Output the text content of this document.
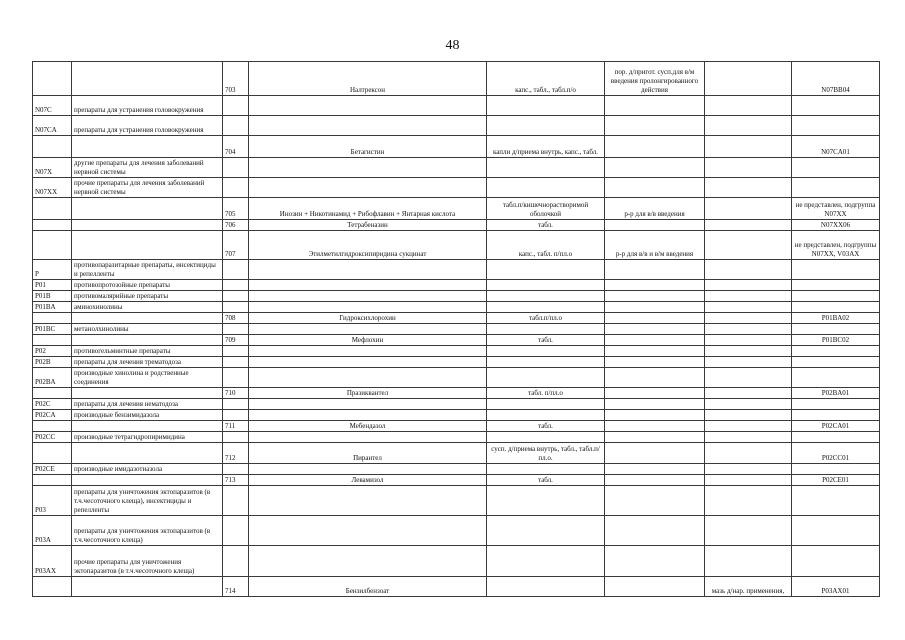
48
		703	Налтрексон	капс., табл., табл.п/о	пор. д/пригот. сусп.для в/м введения пролонгированного действия		N07BB04
N07C	препараты для устранения головокружения						
N07CA	препараты для устранения головокружения						
		704	Бетагистин	капли д/приема внутрь, капс., табл.			N07CA01
N07X	другие препараты для лечения заболеваний нервной системы						
N07XX	прочие препараты для лечения заболеваний нервной системы						
		705	Инозин + Никотинамид + Рибофлавин + Янтарная кислота	табл.п/кишечнорастворимой оболочкой	р-р для в/в введения		не представлен, подгруппа N07XX
		706	Тетрабеназин	табл.			N07XX06
		707	Этилметилгидроксипиридина сукцинат	капс., табл. п/пл.о	р-р для в/в и в/м введения		не представлен, подгруппы N07XX, V03AX
P	противопаразитарные препараты, инсектициды и репелленты						
P01	противопротозойные препараты						
P01B	противомалярийные препараты						
P01BA	аминохинолины						
		708	Гидроксихлорохин	табл.п/пл.о			P01BA02
P01BC	метанолхинолины						
		709	Мефлохин	табл.			P01BC02
P02	противогельминтные препараты						
P02B	препараты для лечения трематодоза						
P02BA	производные хинолина и родственные соединения						
		710	Празиквантел	табл. п/пл.о			P02BA01
P02C	препараты для лечения нематодоза						
P02CA	производные бензимидазола						
		711	Мебендазол	табл.			P02CA01
P02CC	производные тетрагидропиримидина						
		712	Пирантел	сусп. д/приема внутрь, табл., табл.п/пл.о.			P02CC01
P02CE	производные имидазотиазола						
		713	Левамизол	табл.			P02CE01
P03	препараты для уничтожения эктопаразитов (в т.ч.чесоточного клеща), инсектициды и репелленты						
P03A	препараты для уничтожения эктопаразитов (в т.ч.чесоточного клеща)						
P03AX	прочие препараты для уничтожения эктопаразитов (в т.ч.чесоточного клеща)						
		714	Бензилбензоат			мазь д/нар. применения,	P03AX01
